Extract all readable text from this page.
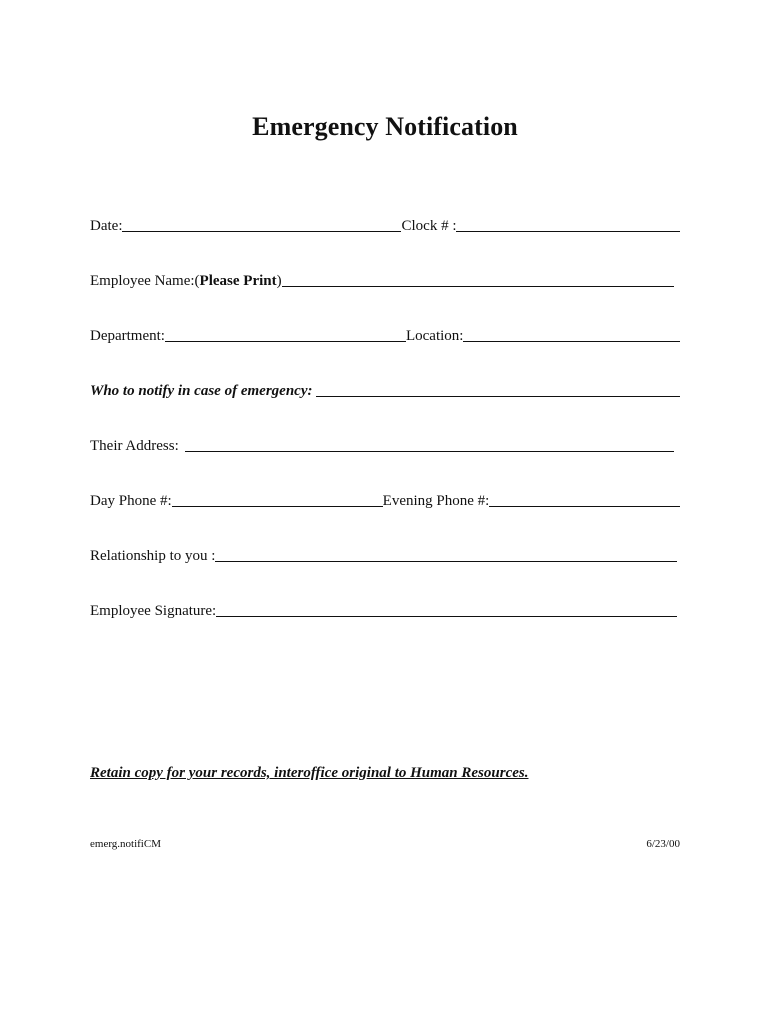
Emergency Notification
Date:	Clock # :
Employee Name:(Please Print)
Department:	Location:
Who to notify in case of emergency:
Their Address:
Day Phone #:	Evening Phone #:
Relationship to you :
Employee Signature:
Retain copy for your records, interoffice original to Human Resources.
emerg.notifiCM	6/23/00
